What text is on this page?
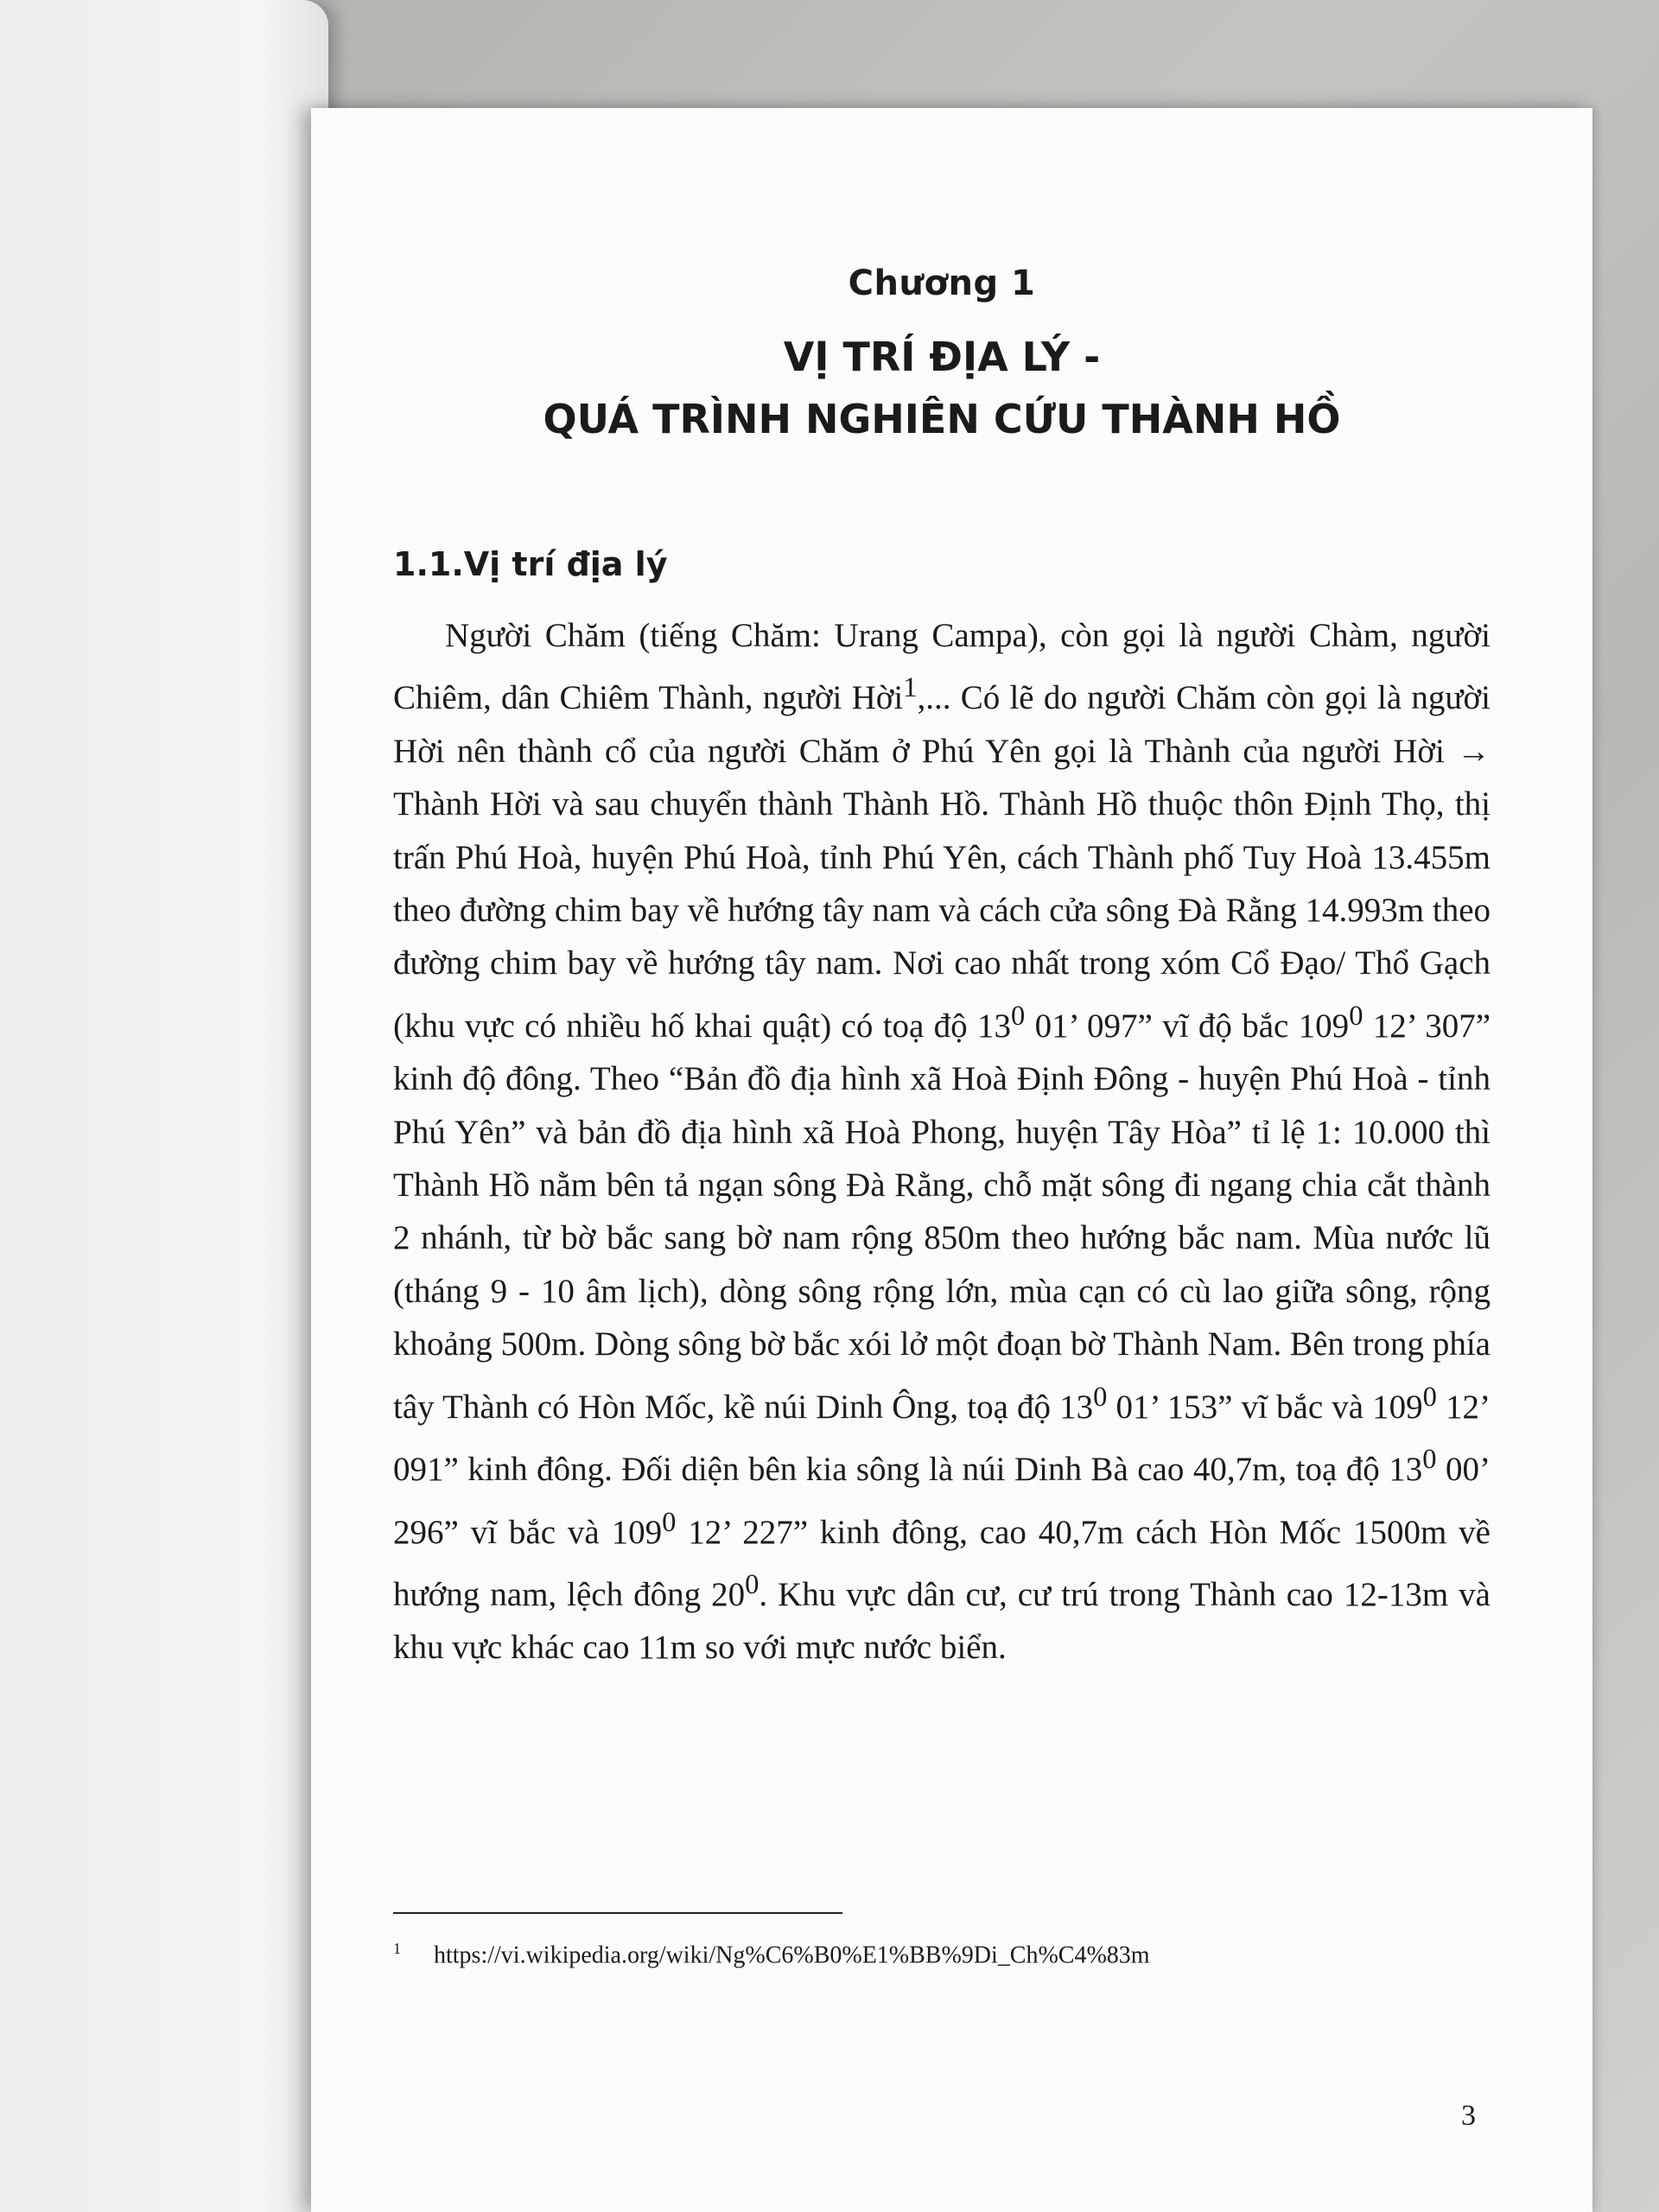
Chương 1
VỊ TRÍ ĐỊA LÝ -
QUÁ TRÌNH NGHIÊN CỨU THÀNH HỒ
1.1.Vị trí địa lý

Người Chăm (tiếng Chăm: Urang Campa), còn gọi là người Chàm, người Chiêm, dân Chiêm Thành, người Hời$^1$,... Có lẽ do người Chăm còn gọi là người Hời nên thành cổ của người Chăm ở Phú Yên gọi là Thành của người Hời → Thành Hời và sau chuyển thành Thành Hồ. Thành Hồ thuộc thôn Định Thọ, thị trấn Phú Hoà, huyện Phú Hoà, tỉnh Phú Yên, cách Thành phố Tuy Hoà 13.455m theo đường chim bay về hướng tây nam và cách cửa sông Đà Rằng 14.993m theo đường chim bay về hướng tây nam. Nơi cao nhất trong xóm Cổ Đạo/ Thổ Gạch (khu vực có nhiều hố khai quật) có toạ độ $13^0$ 01’ 097” vĩ độ bắc $109^0$ 12’ 307” kinh độ đông. Theo “Bản đồ địa hình xã Hoà Định Đông - huyện Phú Hoà - tỉnh Phú Yên” và bản đồ địa hình xã Hoà Phong, huyện Tây Hòa” tỉ lệ 1: 10.000 thì Thành Hồ nằm bên tả ngạn sông Đà Rằng, chỗ mặt sông đi ngang chia cắt thành 2 nhánh, từ bờ bắc sang bờ nam rộng 850m theo hướng bắc nam. Mùa nước lũ (tháng 9 - 10 âm lịch), dòng sông rộng lớn, mùa cạn có cù lao giữa sông, rộng khoảng 500m. Dòng sông bờ bắc xói lở một đoạn bờ Thành Nam. Bên trong phía tây Thành có Hòn Mốc, kề núi Dinh Ông, toạ độ $13^0$ 01’ 153” vĩ bắc và $109^0$ 12’ 091” kinh đông. Đối diện bên kia sông là núi Dinh Bà cao 40,7m, toạ độ $13^0$ 00’ 296” vĩ bắc và $109^0$ 12’ 227” kinh đông, cao 40,7m cách Hòn Mốc 1500m về hướng nam, lệch đông $20^0$. Khu vực dân cư, cư trú trong Thành cao 12-13m và khu vực khác cao 11m so với mực nước biển.

$^1$ https://vi.wikipedia.org/wiki/Ng%C6%B0%E1%BB%9Di_Ch%C4%83m
3
